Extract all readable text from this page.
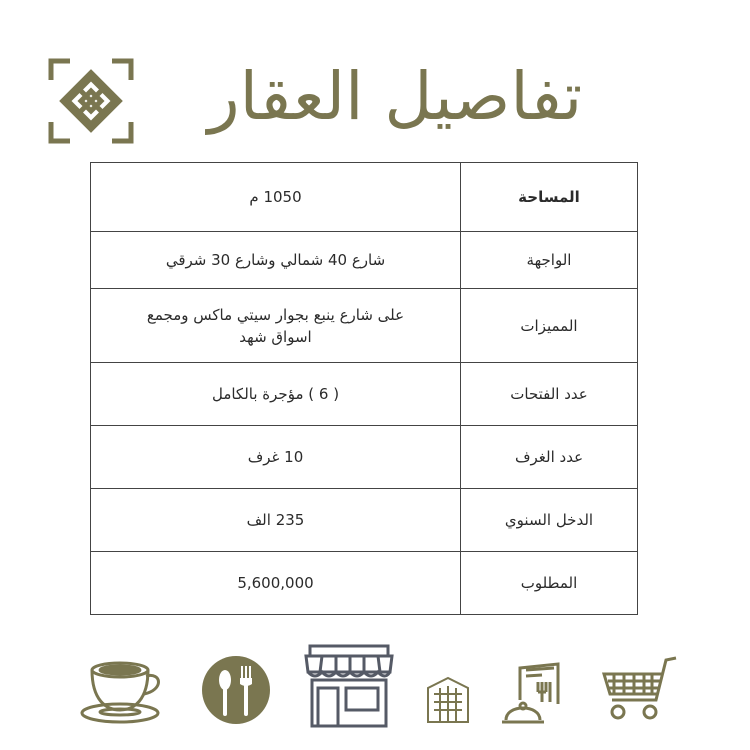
تفاصيل العقار
المساحة	1050 م
الواجهة	شارع 40 شمالي وشارع 30 شرقي
المميزات	على شارع ينبع بجوار سيتي ماكس ومجمع اسواق شهد
عدد الفتحات	( 6 ) مؤجرة بالكامل
عدد الغرف	10 غرف
الدخل السنوي	235 الف
المطلوب	5,600,000
